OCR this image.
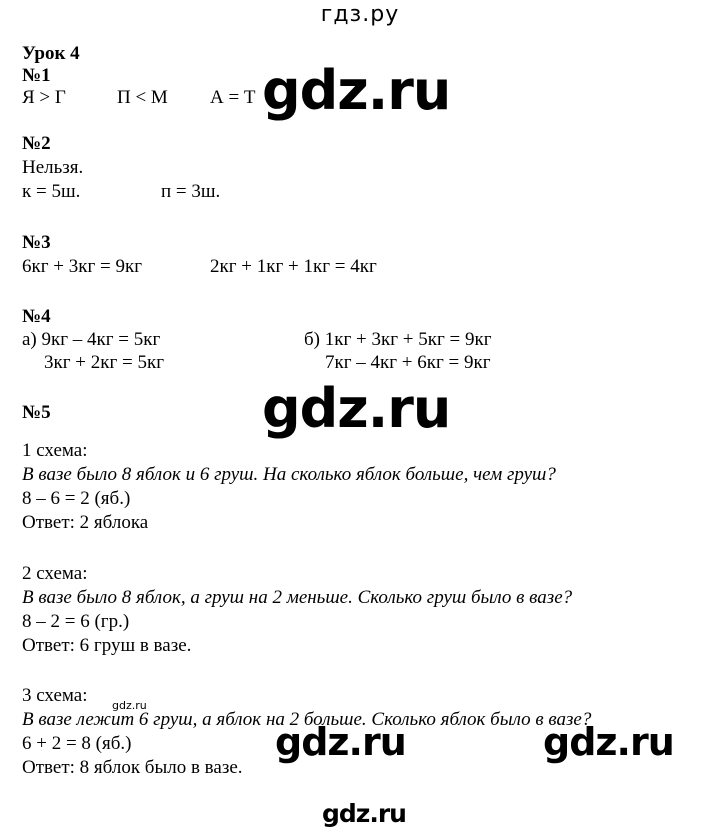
гдз.ру
Урок 4
№1
Я > Г	П < М А = Т
№2
Нельзя.
к = 5ш.	п = 3ш.
№3
6кг + 3кг = 9кг	2кг + 1кг + 1кг = 4кг
№4
а) 9кг – 4кг = 5кг
3кг + 2кг = 5кг
б) 1кг + 3кг + 5кг = 9кг
7кг – 4кг + 6кг = 9кг
№5
1 схема:
В вазе было 8 яблок и 6 груш. На сколько яблок больше, чем груш?
8 – 6 = 2 (яб.)
Ответ: 2 яблока
2 схема:
В вазе было 8 яблок, а груш на 2 меньше. Сколько груш было в вазе?
8 – 2 = 6 (гр.)
Ответ: 6 груш в вазе.
3 схема:
В вазе лежит 6 груш, а яблок на 2 больше. Сколько яблок было в вазе?
6 + 2 = 8 (яб.)
Ответ: 8 яблок было в вазе.
gdz.ru
gdz.ru
gdz.ru	gdz.ru
gdz.ru
gdz.ru
